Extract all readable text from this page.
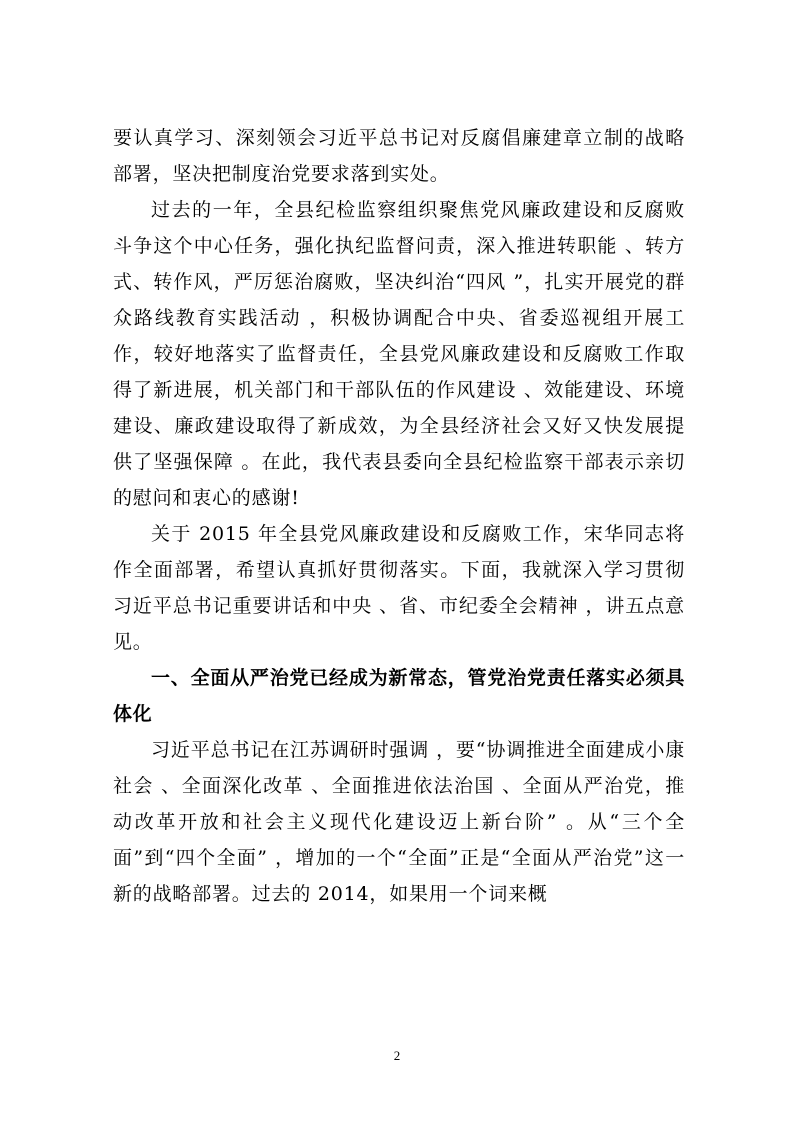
要认真学习、深刻领会习近平总书记对反腐倡廉建章立制的战略部署，坚决把制度治党要求落到实处。

过去的一年，全县纪检监察组织聚焦党风廉政建设和反腐败斗争这个中心任务，强化执纪监督问责，深入推进转职能 、转方式、转作风，严厉惩治腐败，坚决纠治“四风 ”，扎实开展党的群众路线教育实践活动 ，积极协调配合中央、省委巡视组开展工作，较好地落实了监督责任，全县党风廉政建设和反腐败工作取得了新进展，机关部门和干部队伍的作风建设 、效能建设、环境建设、廉政建设取得了新成效，为全县经济社会又好又快发展提供了坚强保障 。在此，我代表县委向全县纪检监察干部表示亲切的慰问和衷心的感谢!

关于 2015 年全县党风廉政建设和反腐败工作，宋华同志将作全面部署，希望认真抓好贯彻落实。下面，我就深入学习贯彻习近平总书记重要讲话和中央 、省、市纪委全会精神 ，讲五点意见。

一、全面从严治党已经成为新常态，管党治党责任落实必须具体化

习近平总书记在江苏调研时强调 ，要“协调推进全面建成小康社会 、全面深化改革 、全面推进依法治国 、全面从严治党，推动改革开放和社会主义现代化建设迈上新台阶” 。从“三个全面”到“四个全面” ，增加的一个“全面”正是“全面从严治党”这一新的战略部署。过去的 2014，如果用一个词来概

2
